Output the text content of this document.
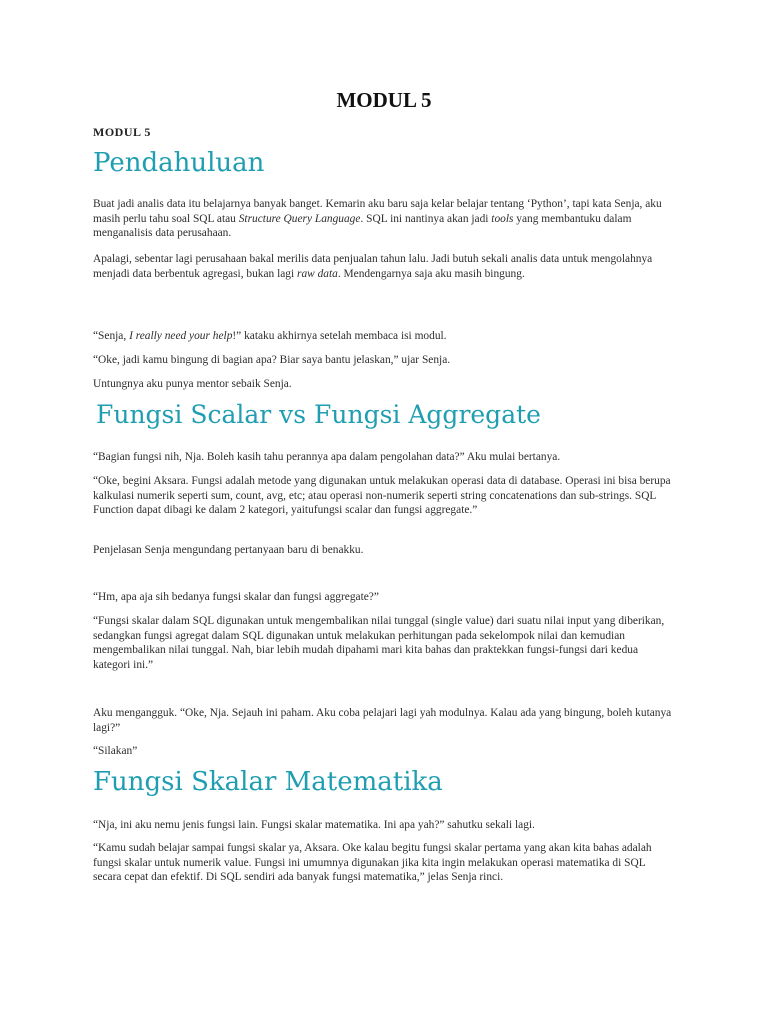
MODUL 5
MODUL 5
Pendahuluan
Buat jadi analis data itu belajarnya banyak banget. Kemarin aku baru saja kelar belajar tentang ‘Python’, tapi kata Senja, aku masih perlu tahu soal SQL atau Structure Query Language. SQL ini nantinya akan jadi tools yang membantuku dalam menganalisis data perusahaan.
Apalagi, sebentar lagi perusahaan bakal merilis data penjualan tahun lalu. Jadi butuh sekali analis data untuk mengolahnya menjadi data berbentuk agregasi, bukan lagi raw data. Mendengarnya saja aku masih bingung.
“Senja, I really need your help!” kataku akhirnya setelah membaca isi modul.
“Oke, jadi kamu bingung di bagian apa? Biar saya bantu jelaskan,” ujar Senja.
Untungnya aku punya mentor sebaik Senja.
Fungsi Scalar vs Fungsi Aggregate
“Bagian fungsi nih, Nja. Boleh kasih tahu perannya apa dalam pengolahan data?” Aku mulai bertanya.
“Oke, begini Aksara. Fungsi adalah metode yang digunakan untuk melakukan operasi data di database. Operasi ini bisa berupa kalkulasi numerik seperti sum, count, avg, etc; atau operasi non-numerik seperti string concatenations dan sub-strings. SQL Function dapat dibagi ke dalam 2 kategori, yaitufungsi scalar dan fungsi aggregate.”
Penjelasan Senja mengundang pertanyaan baru di benakku.
“Hm, apa aja sih bedanya fungsi skalar dan fungsi aggregate?”
“Fungsi skalar dalam SQL digunakan untuk mengembalikan nilai tunggal (single value) dari suatu nilai input yang diberikan, sedangkan fungsi agregat dalam SQL digunakan untuk melakukan perhitungan pada sekelompok nilai dan kemudian mengembalikan nilai tunggal. Nah, biar lebih mudah dipahami mari kita bahas dan praktekkan fungsi-fungsi dari kedua kategori ini.”
Aku mengangguk. “Oke, Nja. Sejauh ini paham. Aku coba pelajari lagi yah modulnya. Kalau ada yang bingung, boleh kutanya lagi?”
“Silakan”
Fungsi Skalar Matematika
“Nja, ini aku nemu jenis fungsi lain. Fungsi skalar matematika. Ini apa yah?” sahutku sekali lagi.
“Kamu sudah belajar sampai fungsi skalar ya, Aksara. Oke kalau begitu fungsi skalar pertama yang akan kita bahas adalah fungsi skalar untuk numerik value. Fungsi ini umumnya digunakan jika kita ingin melakukan operasi matematika di SQL secara cepat dan efektif. Di SQL sendiri ada banyak fungsi matematika,” jelas Senja rinci.
